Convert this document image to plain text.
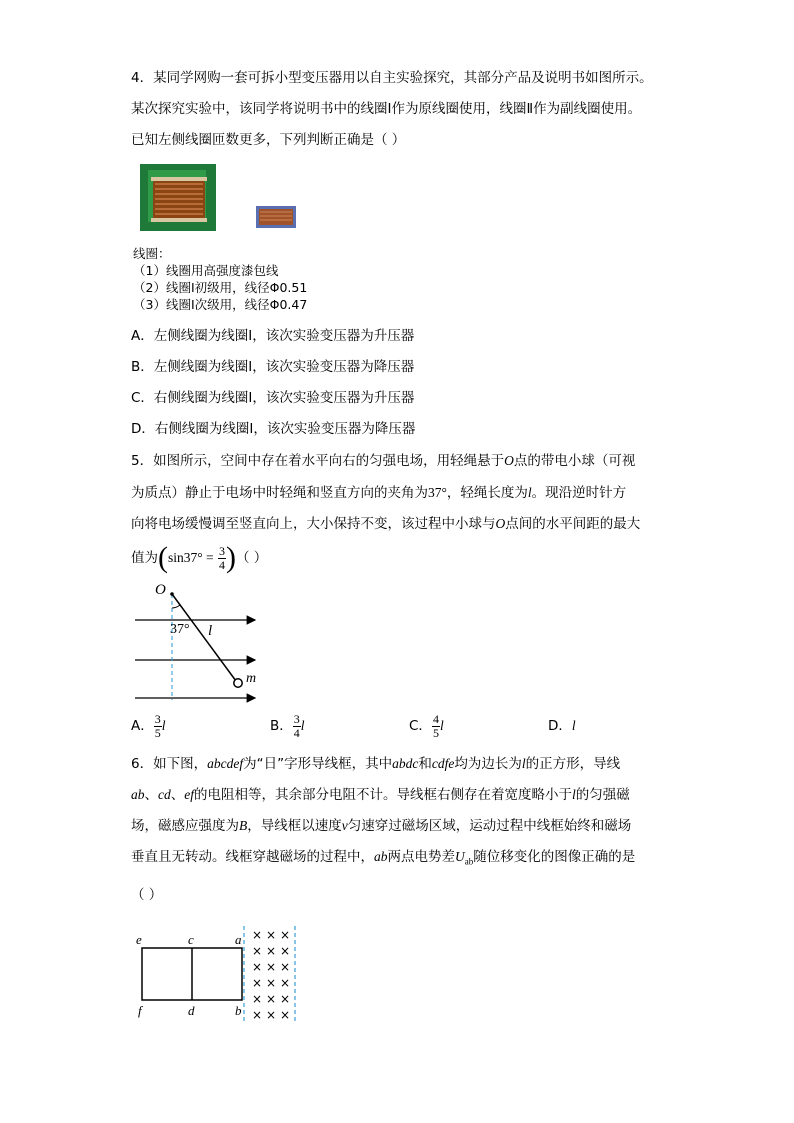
4．某同学网购一套可拆小型变压器用以自主实验探究，其部分产品及说明书如图所示。
某次探究实验中，该同学将说明书中的线圈Ⅰ作为原线圈使用，线圈Ⅱ作为副线圈使用。
已知左侧线圈匝数更多，下列判断正确是（ ）
线圈：
（1）线圈用高强度漆包线
（2）线圈Ⅰ初级用，线径Φ0.51
（3）线圈Ⅰ次级用，线径Φ0.47
A．左侧线圈为线圈Ⅰ，该次实验变压器为升压器
B．左侧线圈为线圈Ⅰ，该次实验变压器为降压器
C．右侧线圈为线圈Ⅰ，该次实验变压器为升压器
D．右侧线圈为线圈Ⅰ，该次实验变压器为降压器
5．如图所示，空间中存在着水平向右的匀强电场，用轻绳悬于O点的带电小球（可视
为质点）静止于电场中时轻绳和竖直方向的夹角为37°，轻绳长度为l。现沿逆时针方
向将电场缓慢调至竖直向上，大小保持不变，该过程中小球与O点间的水平间距的最大
值为($\sin 37^\circ = \frac{3}{4}$ )（ ）
O
37° l
m
A． $\frac{3}{5}$ l	B． $\frac{3}{4}$ l	C． $\frac{4}{5}$ l	D．l
6．如下图，abcdef为“日”字形导线框，其中abdc和cdfe均为边长为l的正方形，导线
ab、cd、ef的电阻相等，其余部分电阻不计。导线框右侧存在着宽度略小于l的匀强磁
场，磁感应强度为B，导线框以速度v匀速穿过磁场区域，运动过程中线框始终和磁场
垂直且无转动。线框穿越磁场的过程中，ab两点电势差$U_{ab}$随位移变化的图像正确的是
（ ）
e	c	a
f	d	b
× × ×
× × ×
× × ×
× × ×
× × ×
× × ×
